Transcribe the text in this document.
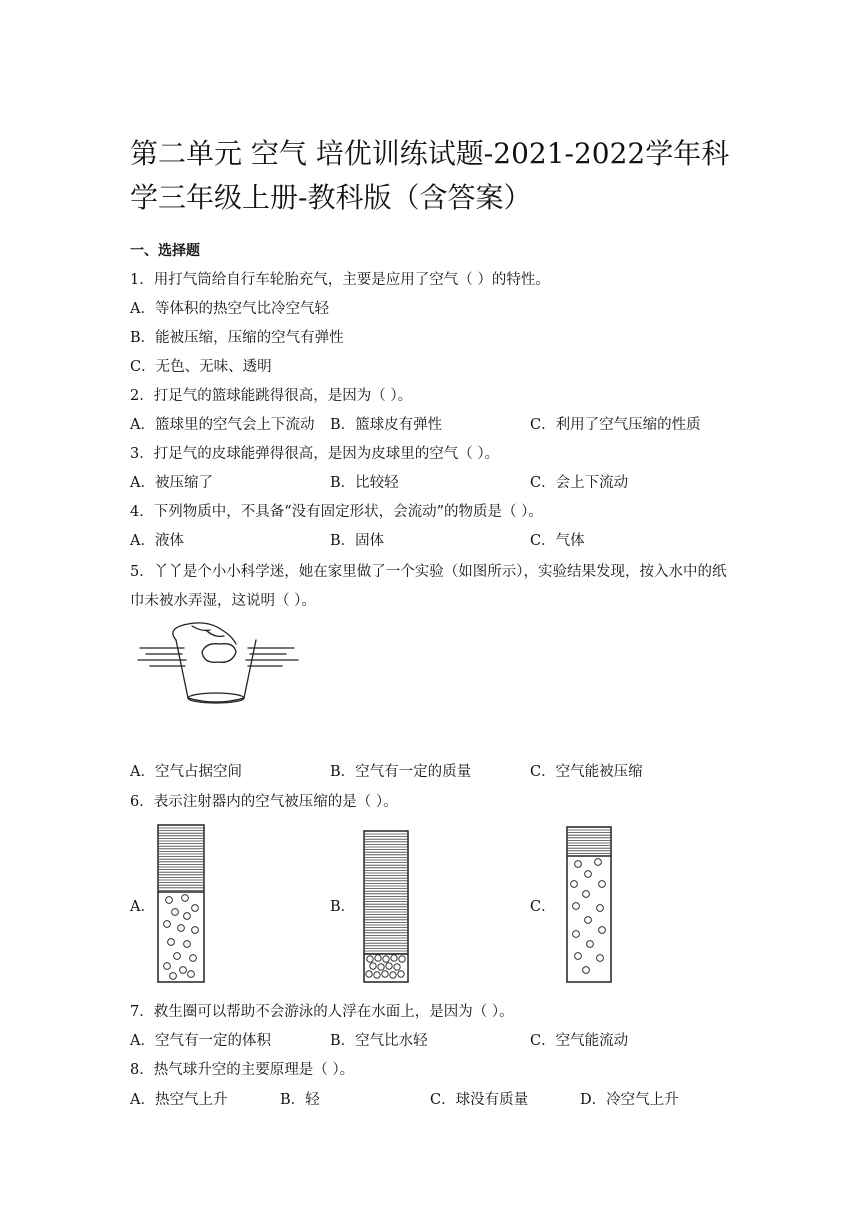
第二单元 空气 培优训练试题-2021-2022学年科学三年级上册-教科版（含答案）
一、选择题
1．用打气筒给自行车轮胎充气，主要是应用了空气（ ）的特性。
A．等体积的热空气比冷空气轻
B．能被压缩，压缩的空气有弹性
C．无色、无味、透明
2．打足气的篮球能跳得很高，是因为（ ）。
A．篮球里的空气会上下流动 B．篮球皮有弹性	C．利用了空气压缩的性质
3．打足气的皮球能弹得很高，是因为皮球里的空气（ ）。
A．被压缩了	B．比较轻	C．会上下流动
4．下列物质中，不具备“没有固定形状，会流动”的物质是（ ）。
A．液体	B．固体	C．气体
5．丫丫是个小小科学迷，她在家里做了一个实验（如图所示），实验结果发现，按入水中的纸巾未被水弄湿，这说明（ ）。
A．空气占据空间	B．空气有一定的质量	C．空气能被压缩
6．表示注射器内的空气被压缩的是（ ）。
A．	B．	C．
7．救生圈可以帮助不会游泳的人浮在水面上，是因为（ ）。
A．空气有一定的体积	B．空气比水轻	C．空气能流动
8．热气球升空的主要原理是（ ）。
A．热空气上升	B．轻	C．球没有质量	D．冷空气上升
